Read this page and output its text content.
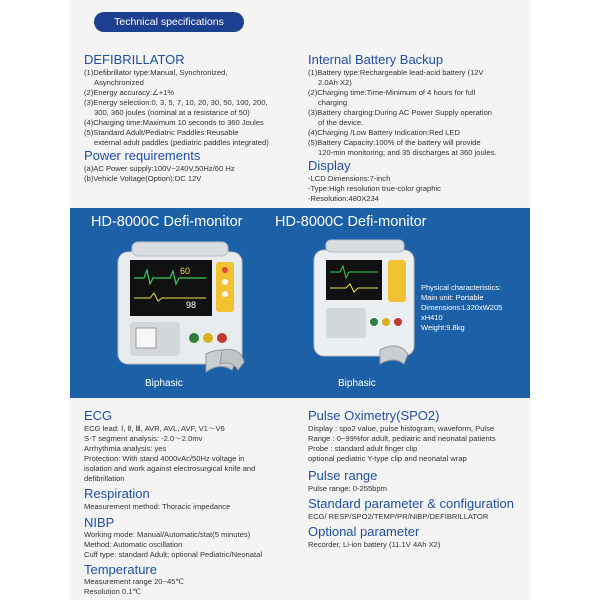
Technical specifications
DEFIBRILLATOR
(1)Defibrillator type:Manual, Synchronized,
Asynchronized
(2)Energy accuracy:∠+1%
(3)Energy selection:0, 3, 5, 7, 10, 20, 30, 50, 100, 200,
300, 360 joules (nominal at a resistance of 50)
(4)Charging time:Maximum 10 seconds to 360 Joules
(5)Standard Adult/Pediatric Paddles:Reusable
external adult paddles (pediatric paddles integrated)
Power requirements
(a)AC Power supply:100V~240V,50Hz/60 Hz
(b)Vehicle Voltage(Option):DC 12V
Internal Battery Backup
(1)Battery type:Rechargeable lead-acid battery (12V
2.0Ah X2)
(2)Charging time:Time-Minimum of 4 hours for full
charging
(3)Battery charging:During AC Power Supply operation
of the device.
(4)Charging /Low Battery Indication:Red LED
(5)Battery Capacity:100% of the battery will provide
120-min monitoring; and 35 discharges at 360 joules.
Display
-LCD Dimensions:7-inch
-Type:High resolution true-color graphic
-Resolution:480X234
HD-8000C Defi-monitor HD-8000C Defi-monitor
60
98
Biphasic	Biphasic
Physical characteristics:
Main unit: Portable
Dimensions:L320xW205
xH410
Weight:9.8kg
ECG
ECG lead: Ⅰ, Ⅱ, Ⅲ, AVR, AVL, AVF, V1～V6
S-T segment analysis: -2.0～2.0mv
Arrhythmia analysis: yes
Protection: With stand 4000vAc/50Hz voltage in
isolation and work against electrosurgical knife and
defibrillation
Respiration
Measurement method: Thoracic impedance
NIBP
Working mode: Manual/Automatic/stat(5 minutes)
Method: Automatic oscillation
Cuff type: standard Adult; optional Pediatric/Neonatal
Temperature
Measurement range 20~45℃
Resolution 0.1℃
Pulse Oximetry(SPO2)
Display : spo2 value, pulse histogram, waveform, Pulse
Range : 0~99%for adult, pediatric and neonatal patients
Probe : standard adult finger clip
optional pediatric Y-type clip and neonatal wrap
Pulse range
Pulse range: 0-255bpm
Standard parameter & configuration
ECG/ RESP/SPO2/TEMP/PR/NIBP/DEFIBRILLATOR
Optional parameter
Recorder, Li-ion battery (11.1V 4Ah X2)
